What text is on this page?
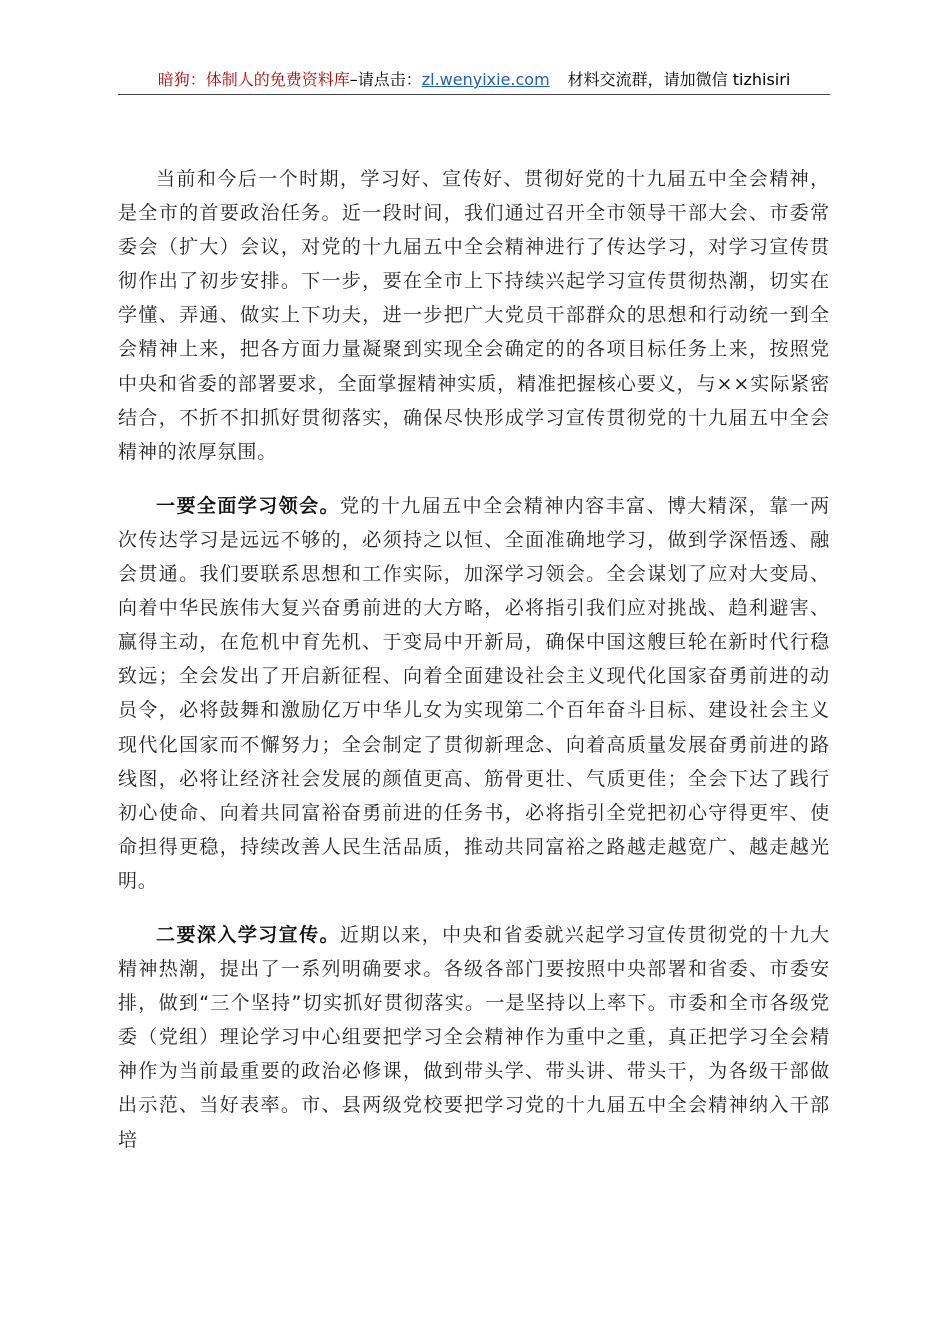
暗狗：体制人的免费资料库–请点击：zl.wenyixie.com 材料交流群，请加微信 tizhisiri

当前和今后一个时期，学习好、宣传好、贯彻好党的十九届五中全会精神，是全市的首要政治任务。近一段时间，我们通过召开全市领导干部大会、市委常委会（扩大）会议，对党的十九届五中全会精神进行了传达学习，对学习宣传贯彻作出了初步安排。下一步，要在全市上下持续兴起学习宣传贯彻热潮，切实在学懂、弄通、做实上下功夫，进一步把广大党员干部群众的思想和行动统一到全会精神上来，把各方面力量凝聚到实现全会确定的的各项目标任务上来，按照党中央和省委的部署要求，全面掌握精神实质，精准把握核心要义，与××实际紧密结合，不折不扣抓好贯彻落实，确保尽快形成学习宣传贯彻党的十九届五中全会精神的浓厚氛围。

一要全面学习领会。党的十九届五中全会精神内容丰富、博大精深，靠一两次传达学习是远远不够的，必须持之以恒、全面准确地学习，做到学深悟透、融会贯通。我们要联系思想和工作实际，加深学习领会。全会谋划了应对大变局、向着中华民族伟大复兴奋勇前进的大方略，必将指引我们应对挑战、趋利避害、赢得主动，在危机中育先机、于变局中开新局，确保中国这艘巨轮在新时代行稳致远；全会发出了开启新征程、向着全面建设社会主义现代化国家奋勇前进的动员令，必将鼓舞和激励亿万中华儿女为实现第二个百年奋斗目标、建设社会主义现代化国家而不懈努力；全会制定了贯彻新理念、向着高质量发展奋勇前进的路线图，必将让经济社会发展的颜值更高、筋骨更壮、气质更佳；全会下达了践行初心使命、向着共同富裕奋勇前进的任务书，必将指引全党把初心守得更牢、使命担得更稳，持续改善人民生活品质，推动共同富裕之路越走越宽广、越走越光明。

二要深入学习宣传。近期以来，中央和省委就兴起学习宣传贯彻党的十九大精神热潮，提出了一系列明确要求。各级各部门要按照中央部署和省委、市委安排，做到“三个坚持”切实抓好贯彻落实。一是坚持以上率下。市委和全市各级党委（党组）理论学习中心组要把学习全会精神作为重中之重，真正把学习全会精神作为当前最重要的政治必修课，做到带头学、带头讲、带头干，为各级干部做出示范、当好表率。市、县两级党校要把学习党的十九届五中全会精神纳入干部培
